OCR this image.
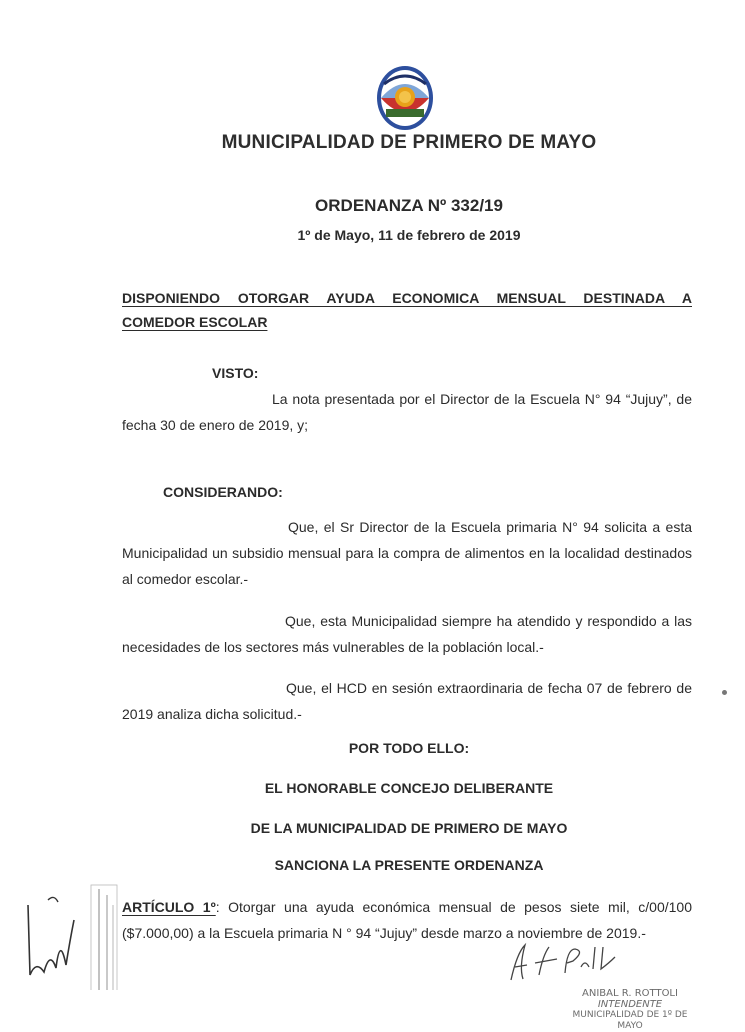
MUNICIPALIDAD DE PRIMERO DE MAYO
ORDENANZA Nº 332/19
1º de Mayo, 11 de febrero de 2019
DISPONIENDO OTORGAR AYUDA ECONOMICA MENSUAL DESTINADA A
COMEDOR ESCOLAR
VISTO:
La nota presentada por el Director de la Escuela N° 94 “Jujuy”, de fecha 30 de enero de 2019, y;
CONSIDERANDO:
Que, el Sr Director de la Escuela primaria N° 94 solicita a esta Municipalidad un subsidio mensual para la compra de alimentos en la localidad destinados al comedor escolar.-
Que, esta Municipalidad siempre ha atendido y respondido a las necesidades de los sectores más vulnerables de la población local.-
Que, el HCD en sesión extraordinaria de fecha 07 de febrero de 2019 analiza dicha solicitud.-
POR TODO ELLO:
EL HONORABLE CONCEJO DELIBERANTE
DE LA MUNICIPALIDAD DE PRIMERO DE MAYO
SANCIONA LA PRESENTE ORDENANZA
ARTÍCULO 1º: Otorgar una ayuda económica mensual de pesos siete mil, c/00/100 ($7.000,00) a la Escuela primaria N ° 94 “Jujuy” desde marzo a noviembre de 2019.-
ANIBAL R. ROTTOLI
INTENDENTE
MUNICIPALIDAD DE 1º DE MAYO
